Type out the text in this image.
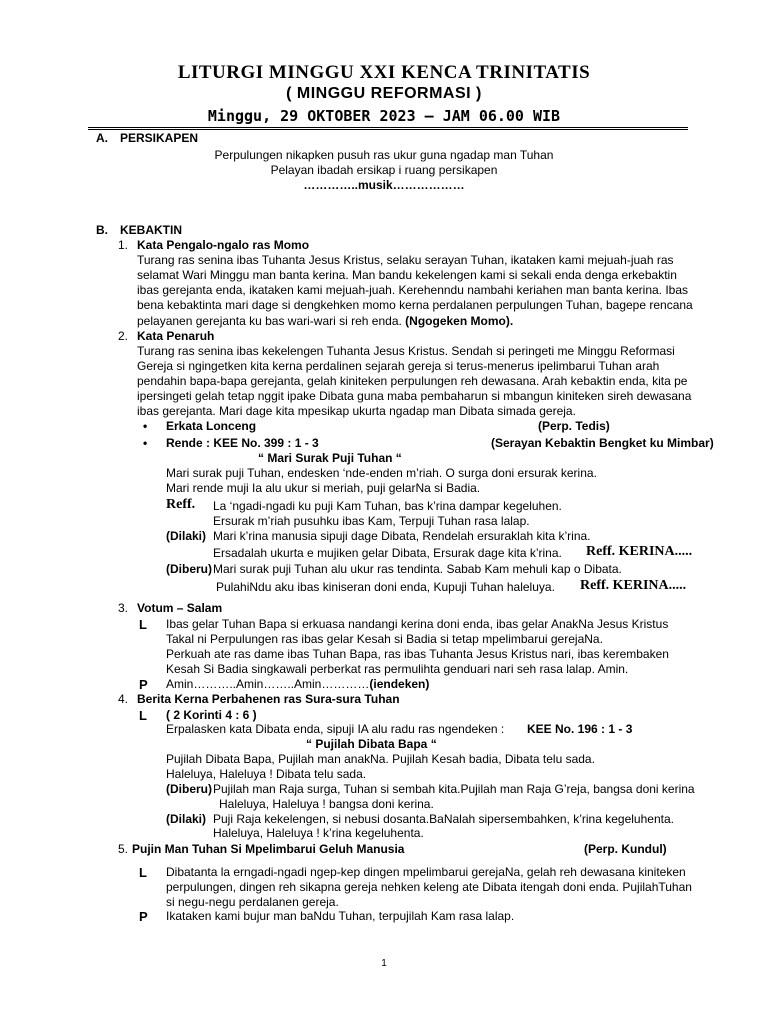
LITURGI MINGGU XXI KENCA TRINITATIS
( MINGGU REFORMASI )
Minggu, 29 OKTOBER 2023 – JAM 06.00 WIB
A. PERSIKAPEN
Perpulungen nikapken pusuh ras ukur guna ngadap man Tuhan
Pelayan ibadah ersikap i ruang persikapen
…………..musik………………
B. KEBAKTIN
1. Kata Pengalo-ngalo ras Momo
Turang ras senina ibas Tuhanta Jesus Kristus, selaku serayan Tuhan, ikataken kami mejuah-juah ras
selamat Wari Minggu man banta kerina. Man bandu kekelengen kami si sekali enda denga erkebaktin
ibas gerejanta enda, ikataken kami mejuah-juah. Kerehenndu nambahi keriahen man banta kerina. Ibas
bena kebaktinta mari dage si dengkehken momo kerna perdalanen perpulungen Tuhan, bagepe rencana
pelayanen gerejanta ku bas wari-wari si reh enda. (Ngogeken Momo).
2. Kata Penaruh
Turang ras senina ibas kekelengen Tuhanta Jesus Kristus. Sendah si peringeti me Minggu Reformasi
Gereja si ngingetken kita kerna perdalinen sejarah gereja si terus-menerus ipelimbarui Tuhan arah
pendahin bapa-bapa gerejanta, gelah kiniteken perpulungen reh dewasana. Arah kebaktin enda, kita pe
ipersingeti gelah tetap nggit ipake Dibata guna maba pembaharun si mbangun kiniteken sireh dewasana
ibas gerejanta. Mari dage kita mpesikap ukurta ngadap man Dibata simada gereja.
•
Erkata Lonceng	(Perp. Tedis)
•
Rende : KEE No. 399 : 1 - 3	(Serayan Kebaktin Bengket ku Mimbar)
“ Mari Surak Puji Tuhan “
Mari surak puji Tuhan, endesken ‘nde-enden m’riah. O surga doni ersurak kerina.
Mari rende muji Ia alu ukur si meriah, puji gelarNa si Badia.
Reff. La ‘ngadi-ngadi ku puji Kam Tuhan, bas k’rina dampar kegeluhen.
Ersurak m’riah pusuhku ibas Kam, Terpuji Tuhan rasa lalap.
(Dilaki) Mari k’rina manusia sipuji dage Dibata, Rendelah ersuraklah kita k’rina.
Ersadalah ukurta e mujiken gelar Dibata, Ersurak dage kita k’rina. Reff. KERINA.....
(Diberu) Mari surak puji Tuhan alu ukur ras tendinta. Sabab Kam mehuli kap o Dibata.
PulahiNdu aku ibas kiniseran doni enda, Kupuji Tuhan haleluya. Reff. KERINA.....
3. Votum – Salam
L Ibas gelar Tuhan Bapa si erkuasa nandangi kerina doni enda, ibas gelar AnakNa Jesus Kristus
Takal ni Perpulungen ras ibas gelar Kesah si Badia si tetap mpelimbarui gerejaNa.
Perkuah ate ras dame ibas Tuhan Bapa, ras ibas Tuhanta Jesus Kristus nari, ibas kerembaken
Kesah Si Badia singkawali perberkat ras permulihta genduari nari seh rasa lalap. Amin.
P Amin………..Amin……..Amin…………(iendeken)
4. Berita Kerna Perbahenen ras Sura-sura Tuhan
L ( 2 Korinti 4 : 6 )
Erpalasken kata Dibata enda, sipuji IA alu radu ras ngendeken : KEE No. 196 : 1 - 3
“ Pujilah Dibata Bapa “
Pujilah Dibata Bapa, Pujilah man anakNa. Pujilah Kesah badia, Dibata telu sada.
Haleluya, Haleluya ! Dibata telu sada.
(Diberu) Pujilah man Raja surga, Tuhan si sembah kita.Pujilah man Raja G’reja, bangsa doni kerina
Haleluya, Haleluya ! bangsa doni kerina.
(Dilaki) Puji Raja kekelengen, si nebusi dosanta.BaNalah sipersembahken, k’rina kegeluhenta.
Haleluya, Haleluya ! k’rina kegeluhenta.
5. Pujin Man Tuhan Si Mpelimbarui Geluh Manusia	(Perp. Kundul)
L Dibatanta la erngadi-ngadi ngep-kep dingen mpelimbarui gerejaNa, gelah reh dewasana kiniteken
perpulungen, dingen reh sikapna gereja nehken keleng ate Dibata itengah doni enda. PujilahTuhan
si negu-negu perdalanen gereja.
P Ikataken kami bujur man baNdu Tuhan, terpujilah Kam rasa lalap.
1
